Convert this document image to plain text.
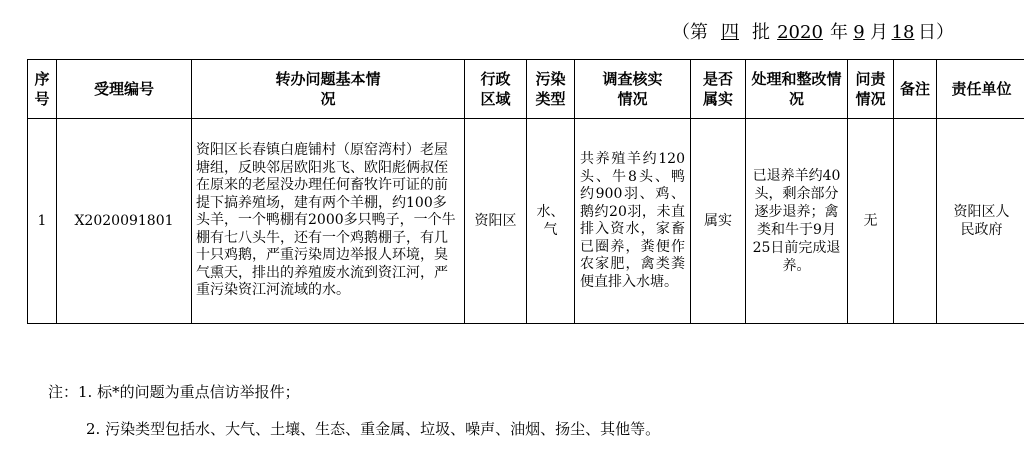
（第 四 批 2020 年 9 月 18 日）
序号	受理编号	转办问题基本情况	行政区域	污染类型	调查核实情况	是否属实	处理和整改情况	问责情况	备注	责任单位
1	X2020091801	资阳区长春镇白鹿铺村（原窑湾村）老屋塘组，反映邻居欧阳兆飞、欧阳彪俩叔侄在原来的老屋没办理任何畜牧许可证的前提下搞养殖场，建有两个羊棚，约100多头羊，一个鸭棚有2000多只鸭子，一个牛棚有七八头牛，还有一个鸡鹅棚子，有几十只鸡鹅，严重污染周边举报人环境，臭气熏天，排出的养殖废水流到资江河，严重污染资江河流域的水。	资阳区	水、气	共养殖羊约120头、牛8头、鸭约900羽、鸡、鹅约20羽，未直排入资水，家畜已圈养，粪便作农家肥，禽类粪便直排入水塘。	属实	已退养羊约40头，剩余部分逐步退养；禽类和牛于9月25日前完成退养。	无		资阳区人民政府
注：1. 标*的问题为重点信访举报件；
2. 污染类型包括水、大气、土壤、生态、重金属、垃圾、噪声、油烟、扬尘、其他等。
